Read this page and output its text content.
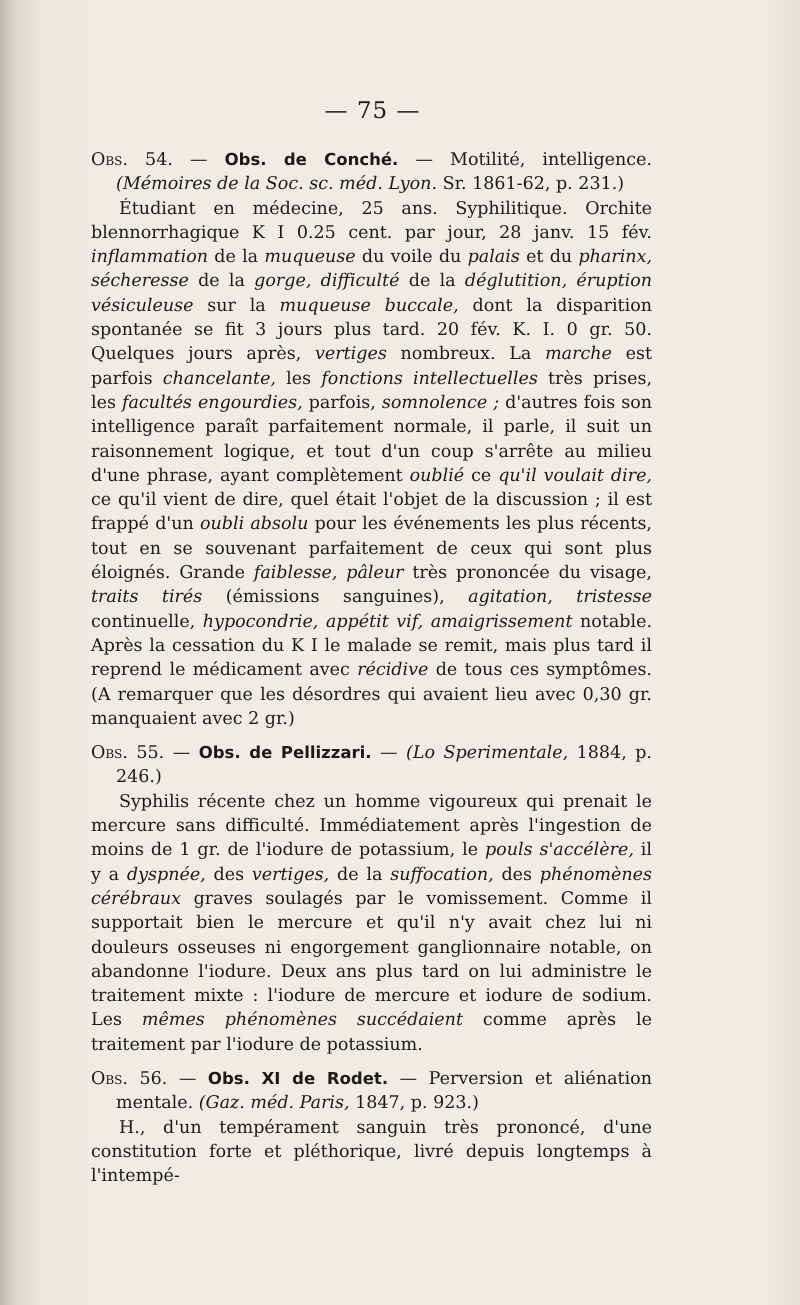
— 75 —

Obs. 54. — Obs. de Conché. — Motilité, intelligence. (Mémoires de la Soc. sc. méd. Lyon. Sr. 1861-62, p. 231.)

Étudiant en médecine, 25 ans. Syphilitique. Orchite blennorrhagique K I 0.25 cent. par jour, 28 janv. 15 fév. inflammation de la muqueuse du voile du palais et du pharinx, sécheresse de la gorge, difficulté de la déglutition, éruption vésiculeuse sur la muqueuse buccale, dont la disparition spontanée se fit 3 jours plus tard. 20 fév. K. I. 0 gr. 50. Quelques jours après, vertiges nombreux. La marche est parfois chancelante, les fonctions intellectuelles très prises, les facultés engourdies, parfois, somnolence ; d'autres fois son intelligence paraît parfaitement normale, il parle, il suit un raisonnement logique, et tout d'un coup s'arrête au milieu d'une phrase, ayant complètement oublié ce qu'il voulait dire, ce qu'il vient de dire, quel était l'objet de la discussion ; il est frappé d'un oubli absolu pour les événements les plus récents, tout en se souvenant parfaitement de ceux qui sont plus éloignés. Grande faiblesse, pâleur très prononcée du visage, traits tirés (émissions sanguines), agitation, tristesse continuelle, hypocondrie, appétit vif, amaigrissement notable. Après la cessation du K I le malade se remit, mais plus tard il reprend le médicament avec récidive de tous ces symptômes. (A remarquer que les désordres qui avaient lieu avec 0,30 gr. manquaient avec 2 gr.)

Obs. 55. — Obs. de Pellizzari. — (Lo Sperimentale, 1884, p. 246.)

Syphilis récente chez un homme vigoureux qui prenait le mercure sans difficulté. Immédiatement après l'ingestion de moins de 1 gr. de l'iodure de potassium, le pouls s'accélère, il y a dyspnée, des vertiges, de la suffocation, des phénomènes cérébraux graves soulagés par le vomissement. Comme il supportait bien le mercure et qu'il n'y avait chez lui ni douleurs osseuses ni engorgement ganglionnaire notable, on abandonne l'iodure. Deux ans plus tard on lui administre le traitement mixte : l'iodure de mercure et iodure de sodium. Les mêmes phénomènes succédaient comme après le traitement par l'iodure de potassium.

Obs. 56. — Obs. XI de Rodet. — Perversion et aliénation mentale. (Gaz. méd. Paris, 1847, p. 923.)

H., d'un tempérament sanguin très prononcé, d'une constitution forte et pléthorique, livré depuis longtemps à l'intempé-
